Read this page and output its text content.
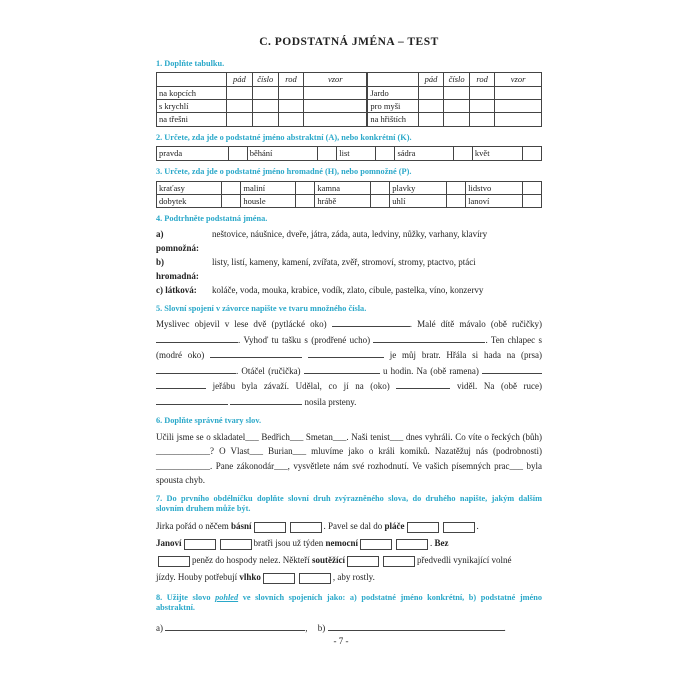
C. PODSTATNÁ JMÉNA – TEST
1. Doplňte tabulku.
	pád	číslo	rod	vzor
na kopcích				
s krychlí				
na třešni				
	pád	číslo	rod	vzor
Jardo				
pro myši				
na hřištích				
2. Určete, zda jde o podstatné jméno abstraktní (A), nebo konkrétní (K).
pravda		běhání		list		sádra		květ	
3. Určete, zda jde o podstatné jméno hromadné (H), nebo pomnožné (P).
kraťasy		maliní		kamna		plavky		lidstvo	
dobytek		housle		hrábě		uhlí		lanoví	
4. Podtrhněte podstatná jména.
a) pomnožná:
neštovice, náušnice, dveře, játra, záda, auta, ledviny, nůžky, varhany, klavíry
b) hromadná:
listy, listí, kameny, kamení, zvířata, zvěř, stromoví, stromy, ptactvo, ptáci
c) látková:	koláče, voda, mouka, krabice, vodík, zlato, cibule, pastelka, víno, konzervy
5. Slovní spojení v závorce napište ve tvaru množného čísla.
Myslivec objevil v lese dvě (pytlácké oko)	. Malé dítě mávalo (obě ručičky) . Vyhoď tu tašku s (prodřené ucho)	. Ten chlapec s (modré oko)	je můj bratr. Hřála si hada na (prsa) . Otáčel (ručička)	u hodin. Na (obě ramena)   jeřábu byla závaží. Udělal, co jí na (oko)	viděl. Na (obě ruce)   nosila prsteny.
6. Doplňte správné tvary slov.
Učili jsme se o skladatel___ Bedřich___ Smetan___. Naši tenist___ dnes vyhráli. Co víte o řeckých (bůh) ____________? O Vlast___ Burian___ mluvíme jako o králi komiků. Nazatěžuj nás (podrobnosti) ____________. Pane zákonodár___, vysvětlete nám své rozhodnutí. Ve vašich písemných prac___ byla spousta chyb.
7. Do prvního obdélníčku doplňte slovní druh zvýrazněného slova, do druhého napište, jakým dalším slovním druhem může být.
Jirka pořád o něčem básní	. Pavel se dal do pláče	.
Janoví	bratři jsou už týden nemocní	. Bez
peněz do hospody nelez. Někteří soutěžící	předvedli vynikající volné
jízdy. Houby potřebují vlhko	, aby rostly.
8. Užijte slovo pohled ve slovních spojeních jako: a) podstatné jméno konkrétní, b) podstatné jméno abstraktní.
a)	, b)	.
- 7 -
